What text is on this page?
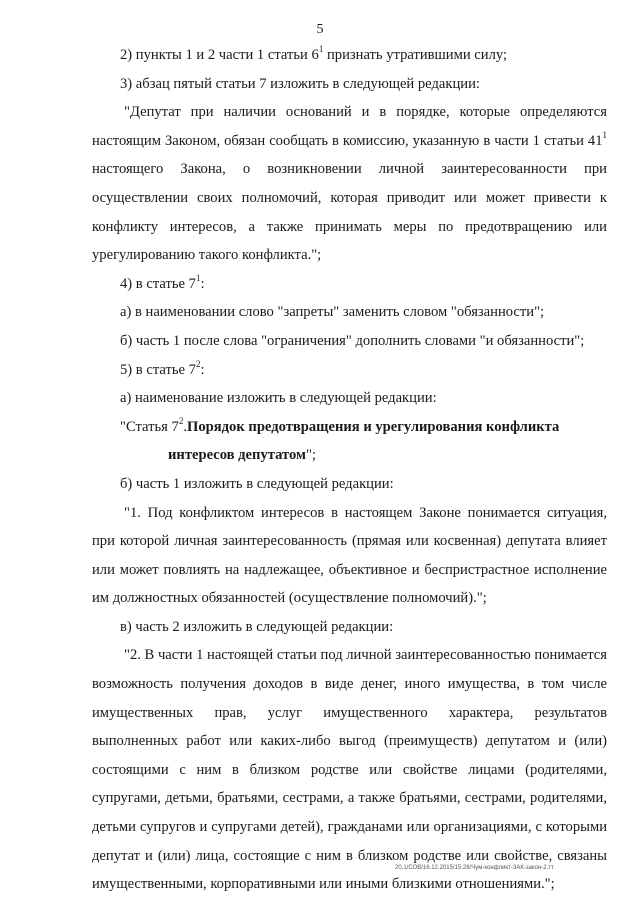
5

2) пункты 1 и 2 части 1 статьи $6^1$ признать утратившими силу;

3) абзац пятый статьи 7 изложить в следующей редакции:

"Депутат при наличии оснований и в порядке, которые определяются настоящим Законом, обязан сообщать в комиссию, указанную в части 1 статьи $41^1$ настоящего Закона, о возникновении личной заинтересованности при осуществлении своих полномочий, которая приводит или может привести к конфликту интересов, а также принимать меры по предотвращению или урегулированию такого конфликта.";

4) в статье $7^1$:

а) в наименовании слово "запреты" заменить словом "обязанности";

б) часть 1 после слова "ограничения" дополнить словами "и обязанности";

5) в статье $7^2$:

а) наименование изложить в следующей редакции:

"Статья $7^2$. Порядок предотвращения и урегулирования конфликта
интересов депутатом";

б) часть 1 изложить в следующей редакции:

"1. Под конфликтом интересов в настоящем Законе понимается ситуация, при которой личная заинтересованность (прямая или косвенная) депутата влияет или может повлиять на надлежащее, объективное и беспристрастное исполнение им должностных обязанностей (осуществление полномочий).";

в) часть 2 изложить в следующей редакции:

"2. В части 1 настоящей статьи под личной заинтересованностью понимается возможность получения доходов в виде денег, иного имущества, в том числе имущественных прав, услуг имущественного характера, результатов выполненных работ или каких-либо выгод (преимуществ) депутатом и (или) состоящими с ним в близком родстве или свойстве лицами (родителями, супругами, детьми, братьями, сестрами, а также братьями, сестрами, родителями, детьми супругов и супругами детей), гражданами или организациями, с которыми депутат и (или) лица, состоящие с ним в близком родстве или свойстве, связаны имущественными, корпоративными или иными близкими отношениями.";

20.1/СОВ/16.12.2015/15:28/Чум-конфликт-ЗАК-закон-2.тт
